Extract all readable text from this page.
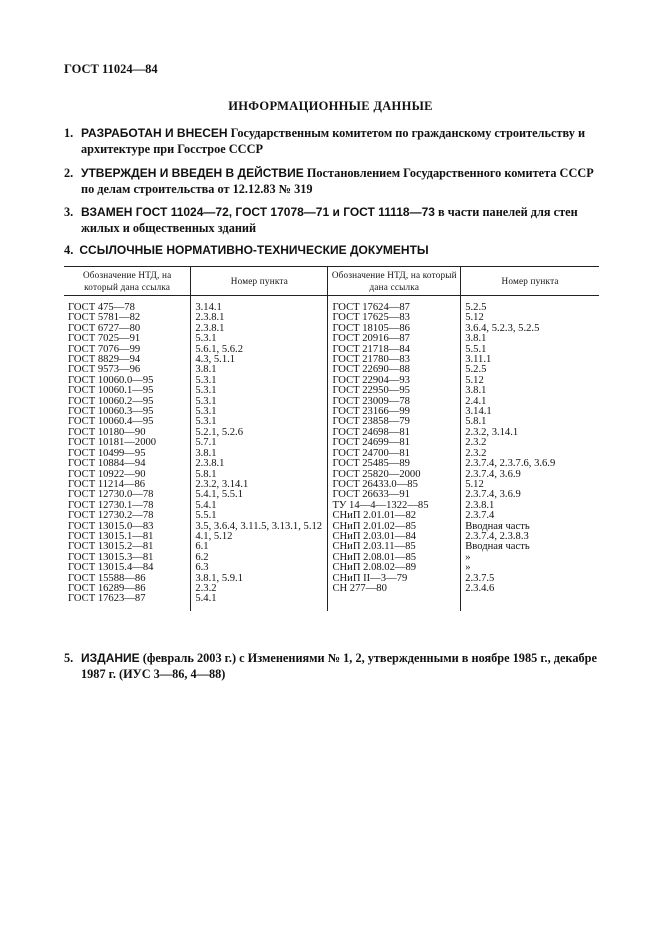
ГОСТ 11024—84
ИНФОРМАЦИОННЫЕ ДАННЫЕ
1. РАЗРАБОТАН И ВНЕСЕН Государственным комитетом по гражданскому строительству и архитектуре при Госстрое СССР
2. УТВЕРЖДЕН И ВВЕДЕН В ДЕЙСТВИЕ Постановлением Государственного комитета СССР по делам строительства от 12.12.83 № 319
3. ВЗАМЕН ГОСТ 11024—72, ГОСТ 17078—71 и ГОСТ 11118—73 в части панелей для стен жилых и общественных зданий
4. ССЫЛОЧНЫЕ НОРМАТИВНО-ТЕХНИЧЕСКИЕ ДОКУМЕНТЫ
Обозначение НТД, на который дана ссылка	Номер пункта	Обозначение НТД, на который дана ссылка	Номер пункта
ГОСТ 475—78	3.14.1	ГОСТ 17624—87	5.2.5
ГОСТ 5781—82	2.3.8.1	ГОСТ 17625—83	5.12
ГОСТ 6727—80	2.3.8.1	ГОСТ 18105—86	3.6.4, 5.2.3, 5.2.5
ГОСТ 7025—91	5.3.1	ГОСТ 20916—87	3.8.1
ГОСТ 7076—99	5.6.1, 5.6.2	ГОСТ 21718—84	5.5.1
ГОСТ 8829—94	4.3, 5.1.1	ГОСТ 21780—83	3.11.1
ГОСТ 9573—96	3.8.1	ГОСТ 22690—88	5.2.5
ГОСТ 10060.0—95	5.3.1	ГОСТ 22904—93	5.12
ГОСТ 10060.1—95	5.3.1	ГОСТ 22950—95	3.8.1
ГОСТ 10060.2—95	5.3.1	ГОСТ 23009—78	2.4.1
ГОСТ 10060.3—95	5.3.1	ГОСТ 23166—99	3.14.1
ГОСТ 10060.4—95	5.3.1	ГОСТ 23858—79	5.8.1
ГОСТ 10180—90	5.2.1, 5.2.6	ГОСТ 24698—81	2.3.2, 3.14.1
ГОСТ 10181—2000	5.7.1	ГОСТ 24699—81	2.3.2
ГОСТ 10499—95	3.8.1	ГОСТ 24700—81	2.3.2
ГОСТ 10884—94	2.3.8.1	ГОСТ 25485—89	2.3.7.4, 2.3.7.6, 3.6.9
ГОСТ 10922—90	5.8.1	ГОСТ 25820—2000	2.3.7.4, 3.6.9
ГОСТ 11214—86	2.3.2, 3.14.1	ГОСТ 26433.0—85	5.12
ГОСТ 12730.0—78	5.4.1, 5.5.1	ГОСТ 26633—91	2.3.7.4, 3.6.9
ГОСТ 12730.1—78	5.4.1	ТУ 14—4—1322—85	2.3.8.1
ГОСТ 12730.2—78	5.5.1	СНиП 2.01.01—82	2.3.7.4
ГОСТ 13015.0—83	3.5, 3.6.4, 3.11.5, 3.13.1, 5.12	СНиП 2.01.02—85	Вводная часть
ГОСТ 13015.1—81	4.1, 5.12	СНиП 2.03.01—84	2.3.7.4, 2.3.8.3
ГОСТ 13015.2—81	6.1	СНиП 2.03.11—85	Вводная часть
ГОСТ 13015.3—81	6.2	СНиП 2.08.01—85	»
ГОСТ 13015.4—84	6.3	СНиП 2.08.02—89	»
ГОСТ 15588—86	3.8.1, 5.9.1	СНиП II—3—79	2.3.7.5
ГОСТ 16289—86	2.3.2	СН 277—80	2.3.4.6
ГОСТ 17623—87	5.4.1		
5. ИЗДАНИЕ (февраль 2003 г.) с Изменениями № 1, 2, утвержденными в ноябре 1985 г., декабре 1987 г. (ИУС 3—86, 4—88)
